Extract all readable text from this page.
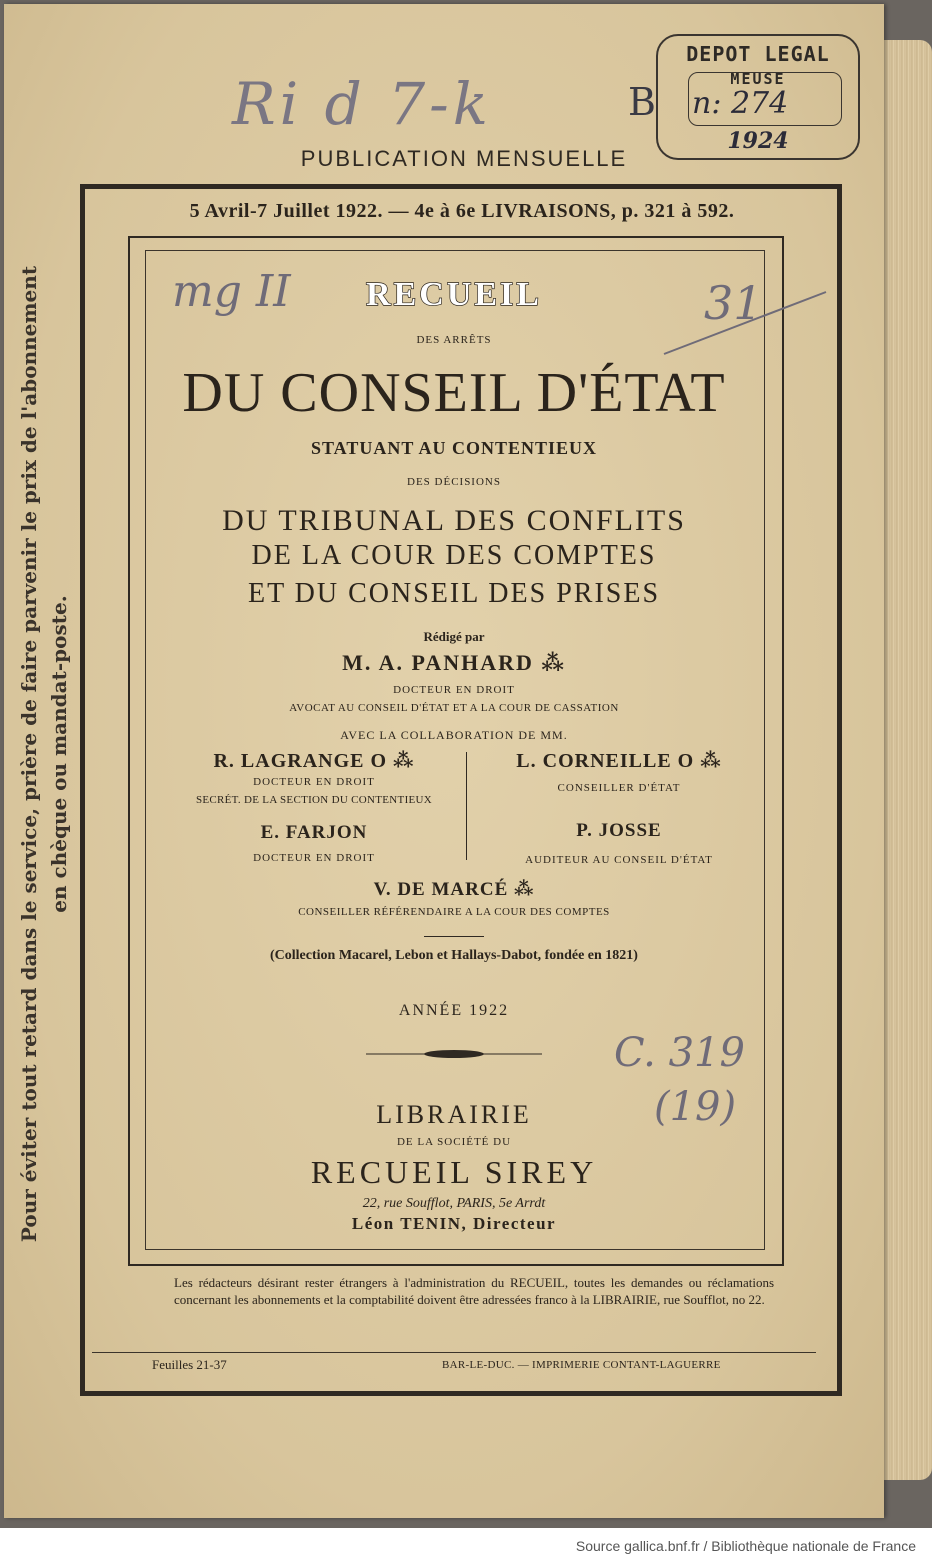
Ri d 7-k	B
DEPOT LEGAL
MEUSE
n: 274
1924
PUBLICATION MENSUELLE
5 Avril-7 Juillet 1922. — 4e à 6e LIVRAISONS, p. 321 à 592.
mg II	31
RECUEIL
DES ARRÊTS
DU CONSEIL D'ÉTAT
STATUANT AU CONTENTIEUX
DES DÉCISIONS
DU TRIBUNAL DES CONFLITS
DE LA COUR DES COMPTES
ET DU CONSEIL DES PRISES
Rédigé par
M. A. PANHARD ⁂
DOCTEUR EN DROIT
AVOCAT AU CONSEIL D'ÉTAT ET A LA COUR DE CASSATION
AVEC LA COLLABORATION DE MM.
R. LAGRANGE O ⁂
DOCTEUR EN DROIT
SECRÉT. DE LA SECTION DU CONTENTIEUX
L. CORNEILLE O ⁂
CONSEILLER D'ÉTAT
E. FARJON
DOCTEUR EN DROIT
P. JOSSE
AUDITEUR AU CONSEIL D'ÉTAT
V. DE MARCÉ ⁂
CONSEILLER RÉFÉRENDAIRE A LA COUR DES COMPTES
(Collection Macarel, Lebon et Hallays-Dabot, fondée en 1821)
ANNÉE 1922
C. 319
(19)
LIBRAIRIE
DE LA SOCIÉTÉ DU
RECUEIL SIREY
22, rue Soufflot, PARIS, 5e Arrdt
Léon TENIN, Directeur
Les rédacteurs désirant rester étrangers à l'administration du RECUEIL, toutes les demandes ou réclamations concernant les abonnements et la comptabilité doivent être adressées franco à la LIBRAIRIE, rue Soufflot, no 22.
Feuilles 21-37	BAR-LE-DUC. — IMPRIMERIE CONTANT-LAGUERRE
Pour éviter tout retard dans le service, prière de faire parvenir le prix de l'abonnement en chèque ou mandat-poste.
Source gallica.bnf.fr / Bibliothèque nationale de France
